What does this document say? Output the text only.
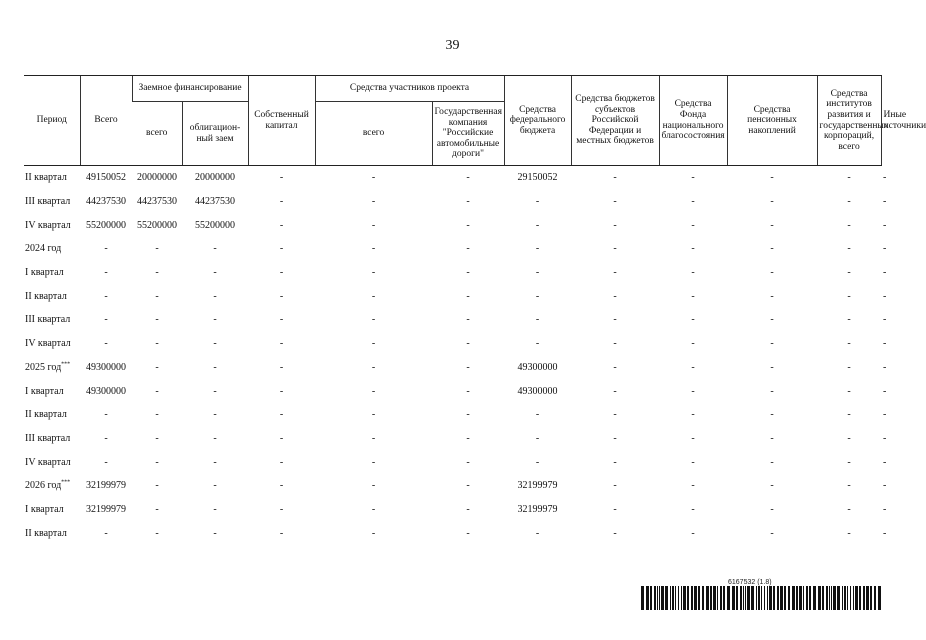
39
Период	Всего	Заемное финансирование		Собственный капитал	Средства участников проекта		Средства федерального бюджета	Средства бюджетов субъектов Российской Федерации и местных бюджетов	Средства Фонда национального благосостояния	Средства пенсионных накоплений	Средства институтов развития и государственных корпораций, всего	Иные источники
		всего	облигацион-ный заем		всего	Государственная компания "Российские автомобильные дороги"						
II квартал	49150052	20000000	20000000	-	-	-	29150052	-	-	-	-	-
III квартал	44237530	44237530	44237530	-	-	-	-	-	-	-	-	-
IV квартал	55200000	55200000	55200000	-	-	-	-	-	-	-	-	-
2024 год	-	-	-	-	-	-	-	-	-	-	-	-
I квартал	-	-	-	-	-	-	-	-	-	-	-	-
II квартал	-	-	-	-	-	-	-	-	-	-	-	-
III квартал	-	-	-	-	-	-	-	-	-	-	-	-
IV квартал	-	-	-	-	-	-	-	-	-	-	-	-
2025 год***	49300000	-	-	-	-	-	49300000	-	-	-	-	-
I квартал	49300000	-	-	-	-	-	49300000	-	-	-	-	-
II квартал	-	-	-	-	-	-	-	-	-	-	-	-
III квартал	-	-	-	-	-	-	-	-	-	-	-	-
IV квартал	-	-	-	-	-	-	-	-	-	-	-	-
2026 год***	32199979	-	-	-	-	-	32199979	-	-	-	-	-
I квартал	32199979	-	-	-	-	-	32199979	-	-	-	-	-
II квартал	-	-	-	-	-	-	-	-	-	-	-	-
6167532 (1.8)
